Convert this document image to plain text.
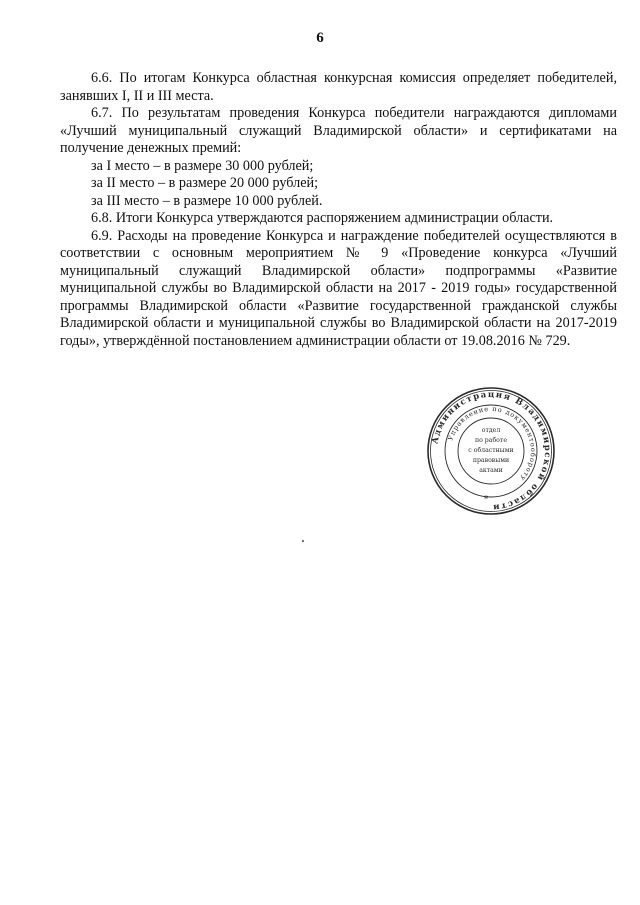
6

6.6. По итогам Конкурса областная конкурсная комиссия определяет победителей, занявших I, II и III места.

6.7. По результатам проведения Конкурса победители награждаются дипломами «Лучший муниципальный служащий Владимирской области» и сертификатами на получение денежных премий:

за I место – в размере 30 000 рублей;

за II место – в размере 20 000 рублей;

за III место – в размере 10 000 рублей.

6.8. Итоги Конкурса утверждаются распоряжением администрации области.

6.9. Расходы на проведение Конкурса и награждение победителей осуществляются в соответствии с основным мероприятием № 9 «Проведение конкурса «Лучший муниципальный служащий Владимирской области» подпрограммы «Развитие муниципальной службы во Владимирской области на 2017 - 2019 годы» государственной программы Владимирской области «Развитие государственной гражданской службы Владимирской области и муниципальной службы во Владимирской области на 2017-2019 годы», утверждённой постановлением администрации области от 19.08.2016 № 729.

Администрация Владимирской области
Управление по документообороту
отдел
по работе
с областными
правовыми
актами
*
